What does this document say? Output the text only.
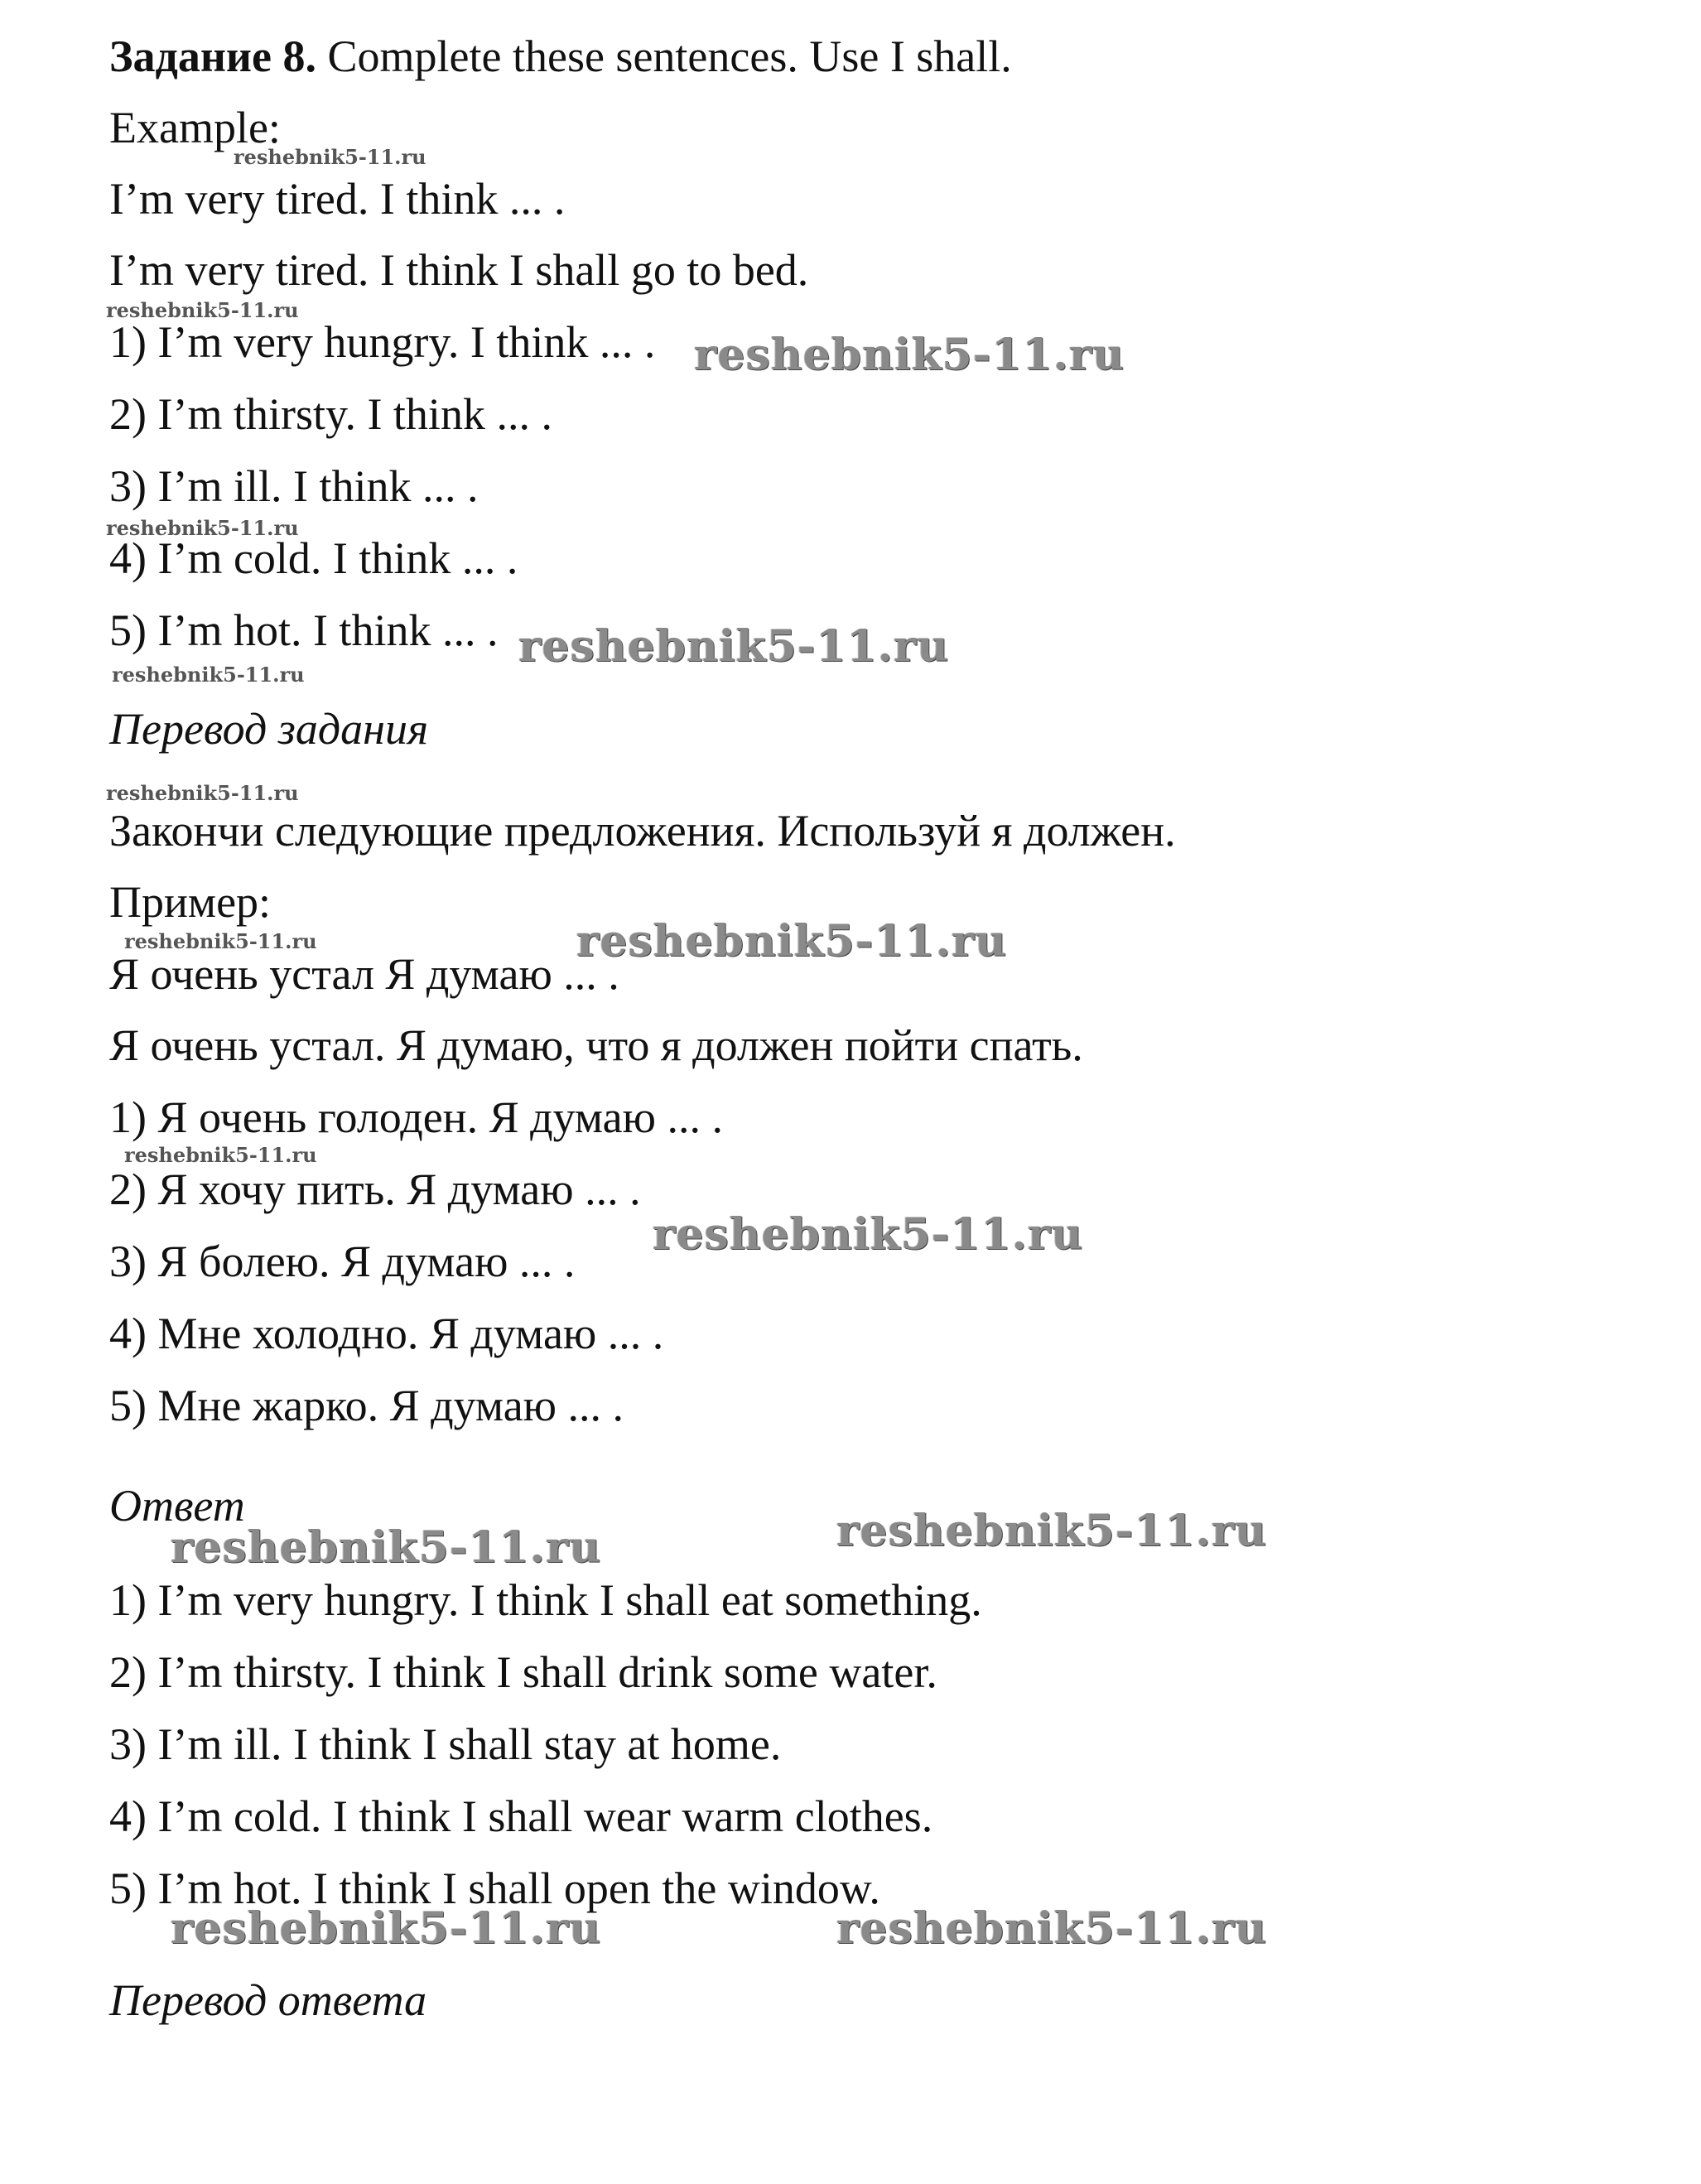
Задание 8. Complete these sentences. Use I shall.

Example:

I’m very tired. I think ... .

I’m very tired. I think I shall go to bed.

1) I’m very hungry. I think ... .

2) I’m thirsty. I think ... .

3) I’m ill. I think ... .

4) I’m cold. I think ... .

5) I’m hot. I think ... .

Перевод задания

Закончи следующие предложения. Используй я должен.

Пример:

Я очень устал Я думаю ... .

Я очень устал. Я думаю, что я должен пойти спать.

1) Я очень голоден. Я думаю ... .

2) Я хочу пить. Я думаю ... .

3) Я болею. Я думаю ... .

4) Мне холодно. Я думаю ... .

5) Мне жарко. Я думаю ... .

Ответ

1) I’m very hungry. I think I shall eat something.

2) I’m thirsty. I think I shall drink some water.

3) I’m ill. I think I shall stay at home.

4) I’m cold. I think I shall wear warm clothes.

5) I’m hot. I think I shall open the window.

Перевод ответа

reshebnik5-11.ru
reshebnik5-11.ru
reshebnik5-11.ru
reshebnik5-11.ru
reshebnik5-11.ru
reshebnik5-11.ru
reshebnik5-11.ru
reshebnik5-11.ru	reshebnik5-11.ru
reshebnik5-11.ru
reshebnik5-11.ru
reshebnik5-11.ru	reshebnik5-11.ru
reshebnik5-11.ru	reshebnik5-11.ru
